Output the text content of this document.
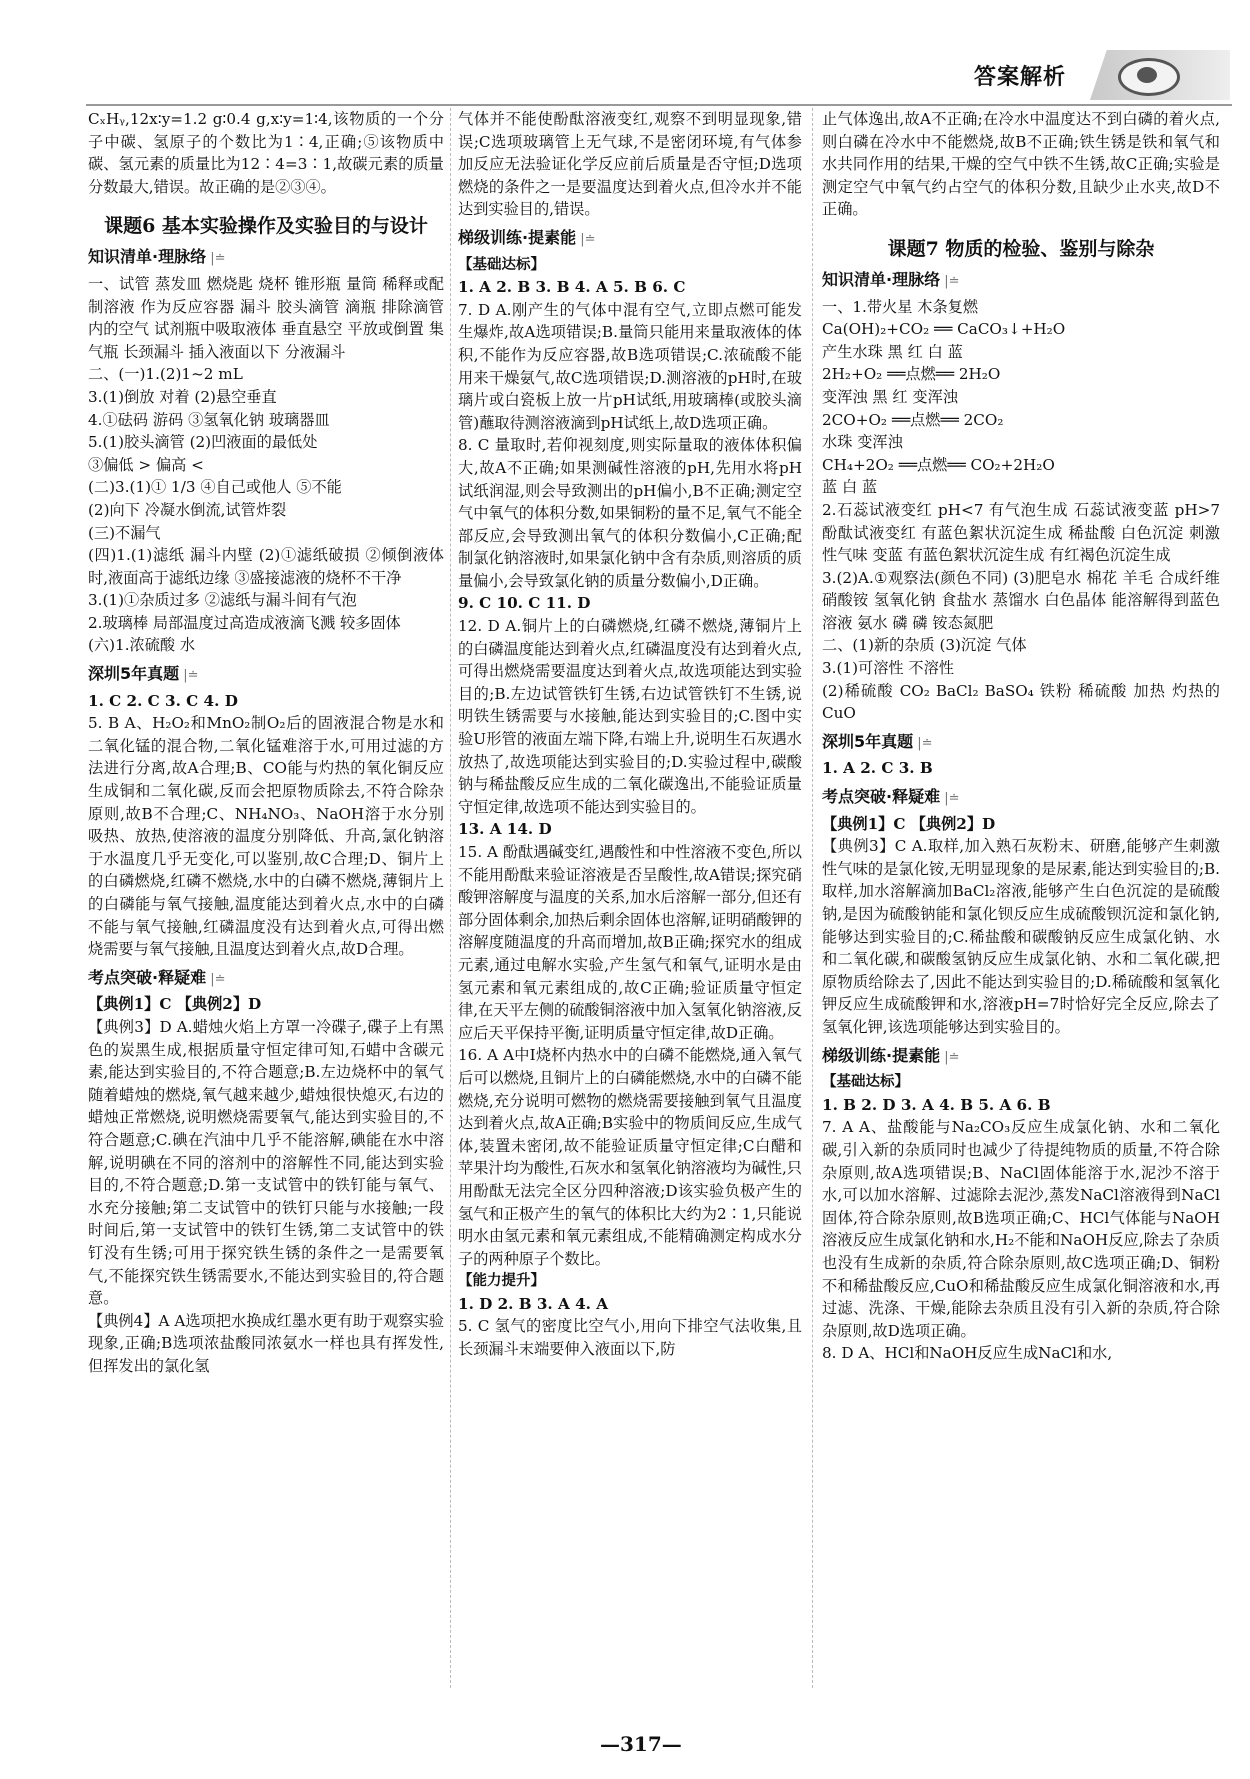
答案解析

CₓHᵧ,12x∶y=1.2 g∶0.4 g,x∶y=1∶4,该物质的一个分子中碳、氢原子的个数比为1∶4,正确;⑤该物质中碳、氢元素的质量比为12∶4=3∶1,故碳元素的质量分数最大,错误。故正确的是②③④。

课题6 基本实验操作及实验目的与设计
知识清单·理脉络 |≐

一、试管 蒸发皿 燃烧匙 烧杯 锥形瓶 量筒 稀释或配制溶液 作为反应容器 漏斗 胶头滴管 滴瓶 排除滴管内的空气 试剂瓶中吸取液体 垂直悬空 平放或倒置 集气瓶 长颈漏斗 插入液面以下 分液漏斗

二、(一)1.(2)1~2 mL

3.(1)倒放 对着 (2)悬空垂直

4.①砝码 游码 ③氢氧化钠 玻璃器皿

5.(1)胶头滴管 (2)凹液面的最低处

③偏低 > 偏高 <

(二)3.(1)① 1/3 ④自己或他人 ⑤不能

(2)向下 冷凝水倒流,试管炸裂

(三)不漏气

(四)1.(1)滤纸 漏斗内壁 (2)①滤纸破损 ②倾倒液体时,液面高于滤纸边缘 ③盛接滤液的烧杯不干净

3.(1)①杂质过多 ②滤纸与漏斗间有气泡

2.玻璃棒 局部温度过高造成液滴飞溅 较多固体

(六)1.浓硫酸 水

深圳5年真题 |≐

1. C 2. C 3. C 4. D

5. B A、H₂O₂和MnO₂制O₂后的固液混合物是水和二氧化锰的混合物,二氧化锰难溶于水,可用过滤的方法进行分离,故A合理;B、CO能与灼热的氧化铜反应生成铜和二氧化碳,反而会把原物质除去,不符合除杂原则,故B不合理;C、NH₄NO₃、NaOH溶于水分别吸热、放热,使溶液的温度分别降低、升高,氯化钠溶于水温度几乎无变化,可以鉴别,故C合理;D、铜片上的白磷燃烧,红磷不燃烧,水中的白磷不燃烧,薄铜片上的白磷能与氧气接触,温度能达到着火点,水中的白磷不能与氧气接触,红磷温度没有达到着火点,可得出燃烧需要与氧气接触,且温度达到着火点,故D合理。

考点突破·释疑难 |≐

【典例1】C 【典例2】D

【典例3】D A.蜡烛火焰上方罩一冷碟子,碟子上有黑色的炭黑生成,根据质量守恒定律可知,石蜡中含碳元素,能达到实验目的,不符合题意;B.左边烧杯中的氧气随着蜡烛的燃烧,氧气越来越少,蜡烛很快熄灭,右边的蜡烛正常燃烧,说明燃烧需要氧气,能达到实验目的,不符合题意;C.碘在汽油中几乎不能溶解,碘能在水中溶解,说明碘在不同的溶剂中的溶解性不同,能达到实验目的,不符合题意;D.第一支试管中的铁钉能与氧气、水充分接触;第二支试管中的铁钉只能与水接触;一段时间后,第一支试管中的铁钉生锈,第二支试管中的铁钉没有生锈;可用于探究铁生锈的条件之一是需要氧气,不能探究铁生锈需要水,不能达到实验目的,符合题意。

【典例4】A A选项把水换成红墨水更有助于观察实验现象,正确;B选项浓盐酸同浓氨水一样也具有挥发性,但挥发出的氯化氢

气体并不能使酚酞溶液变红,观察不到明显现象,错误;C选项玻璃管上无气球,不是密闭环境,有气体参加反应无法验证化学反应前后质量是否守恒;D选项燃烧的条件之一是要温度达到着火点,但冷水并不能达到实验目的,错误。

梯级训练·提素能 |≐
【基础达标】

1. A 2. B 3. B 4. A 5. B 6. C

7. D A.刚产生的气体中混有空气,立即点燃可能发生爆炸,故A选项错误;B.量筒只能用来量取液体的体积,不能作为反应容器,故B选项错误;C.浓硫酸不能用来干燥氨气,故C选项错误;D.测溶液的pH时,在玻璃片或白瓷板上放一片pH试纸,用玻璃棒(或胶头滴管)蘸取待测溶液滴到pH试纸上,故D选项正确。

8. C 量取时,若仰视刻度,则实际量取的液体体积偏大,故A不正确;如果测碱性溶液的pH,先用水将pH试纸润湿,则会导致测出的pH偏小,B不正确;测定空气中氧气的体积分数,如果铜粉的量不足,氧气不能全部反应,会导致测出氧气的体积分数偏小,C正确;配制氯化钠溶液时,如果氯化钠中含有杂质,则溶质的质量偏小,会导致氯化钠的质量分数偏小,D正确。

9. C 10. C 11. D

12. D A.铜片上的白磷燃烧,红磷不燃烧,薄铜片上的白磷温度能达到着火点,红磷温度没有达到着火点,可得出燃烧需要温度达到着火点,故选项能达到实验目的;B.左边试管铁钉生锈,右边试管铁钉不生锈,说明铁生锈需要与水接触,能达到实验目的;C.图中实验U形管的液面左端下降,右端上升,说明生石灰遇水放热了,故选项能达到实验目的;D.实验过程中,碳酸钠与稀盐酸反应生成的二氧化碳逸出,不能验证质量守恒定律,故选项不能达到实验目的。

13. A 14. D

15. A 酚酞遇碱变红,遇酸性和中性溶液不变色,所以不能用酚酞来验证溶液是否呈酸性,故A错误;探究硝酸钾溶解度与温度的关系,加水后溶解一部分,但还有部分固体剩余,加热后剩余固体也溶解,证明硝酸钾的溶解度随温度的升高而增加,故B正确;探究水的组成元素,通过电解水实验,产生氢气和氧气,证明水是由氢元素和氧元素组成的,故C正确;验证质量守恒定律,在天平左侧的硫酸铜溶液中加入氢氧化钠溶液,反应后天平保持平衡,证明质量守恒定律,故D正确。

16. A A中Ⅰ烧杯内热水中的白磷不能燃烧,通入氧气后可以燃烧,且铜片上的白磷能燃烧,水中的白磷不能燃烧,充分说明可燃物的燃烧需要接触到氧气且温度达到着火点,故A正确;B实验中的物质间反应,生成气体,装置未密闭,故不能验证质量守恒定律;C白醋和苹果汁均为酸性,石灰水和氢氧化钠溶液均为碱性,只用酚酞无法完全区分四种溶液;D该实验负极产生的氢气和正极产生的氧气的体积比大约为2∶1,只能说明水由氢元素和氧元素组成,不能精确测定构成水分子的两种原子个数比。

【能力提升】

1. D 2. B 3. A 4. A

5. C 氢气的密度比空气小,用向下排空气法收集,且长颈漏斗末端要伸入液面以下,防

止气体逸出,故A不正确;在冷水中温度达不到白磷的着火点,则白磷在冷水中不能燃烧,故B不正确;铁生锈是铁和氧气和水共同作用的结果,干燥的空气中铁不生锈,故C正确;实验是测定空气中氧气约占空气的体积分数,且缺少止水夹,故D不正确。

课题7 物质的检验、鉴别与除杂
知识清单·理脉络 |≐

一、1.带火星 木条复燃

Ca(OH)₂+CO₂ ══ CaCO₃↓+H₂O

产生水珠 黑 红 白 蓝

2H₂+O₂ ══点燃══ 2H₂O

变浑浊 黑 红 变浑浊

2CO+O₂ ══点燃══ 2CO₂

水珠 变浑浊

CH₄+2O₂ ══点燃══ CO₂+2H₂O

蓝 白 蓝

2.石蕊试液变红 pH<7 有气泡生成 石蕊试液变蓝 pH>7 酚酞试液变红 有蓝色絮状沉淀生成 稀盐酸 白色沉淀 刺激性气味 变蓝 有蓝色絮状沉淀生成 有红褐色沉淀生成

3.(2)A.①观察法(颜色不同) (3)肥皂水 棉花 羊毛 合成纤维 硝酸铵 氢氧化钠 食盐水 蒸馏水 白色晶体 能溶解得到蓝色溶液 氨水 磷 磷 铵态氮肥

二、(1)新的杂质 (3)沉淀 气体

3.(1)可溶性 不溶性

(2)稀硫酸 CO₂ BaCl₂ BaSO₄ 铁粉 稀硫酸 加热 灼热的CuO

深圳5年真题 |≐

1. A 2. C 3. B

考点突破·释疑难 |≐

【典例1】C 【典例2】D

【典例3】C A.取样,加入熟石灰粉末、研磨,能够产生刺激性气味的是氯化铵,无明显现象的是尿素,能达到实验目的;B.取样,加水溶解滴加BaCl₂溶液,能够产生白色沉淀的是硫酸钠,是因为硫酸钠能和氯化钡反应生成硫酸钡沉淀和氯化钠,能够达到实验目的;C.稀盐酸和碳酸钠反应生成氯化钠、水和二氧化碳,和碳酸氢钠反应生成氯化钠、水和二氧化碳,把原物质给除去了,因此不能达到实验目的;D.稀硫酸和氢氧化钾反应生成硫酸钾和水,溶液pH=7时恰好完全反应,除去了氢氧化钾,该选项能够达到实验目的。

梯级训练·提素能 |≐
【基础达标】

1. B 2. D 3. A 4. B 5. A 6. B

7. A A、盐酸能与Na₂CO₃反应生成氯化钠、水和二氧化碳,引入新的杂质同时也减少了待提纯物质的质量,不符合除杂原则,故A选项错误;B、NaCl固体能溶于水,泥沙不溶于水,可以加水溶解、过滤除去泥沙,蒸发NaCl溶液得到NaCl固体,符合除杂原则,故B选项正确;C、HCl气体能与NaOH溶液反应生成氯化钠和水,H₂不能和NaOH反应,除去了杂质也没有生成新的杂质,符合除杂原则,故C选项正确;D、铜粉不和稀盐酸反应,CuO和稀盐酸反应生成氯化铜溶液和水,再过滤、洗涤、干燥,能除去杂质且没有引入新的杂质,符合除杂原则,故D选项正确。

8. D A、HCl和NaOH反应生成NaCl和水,

—317—
